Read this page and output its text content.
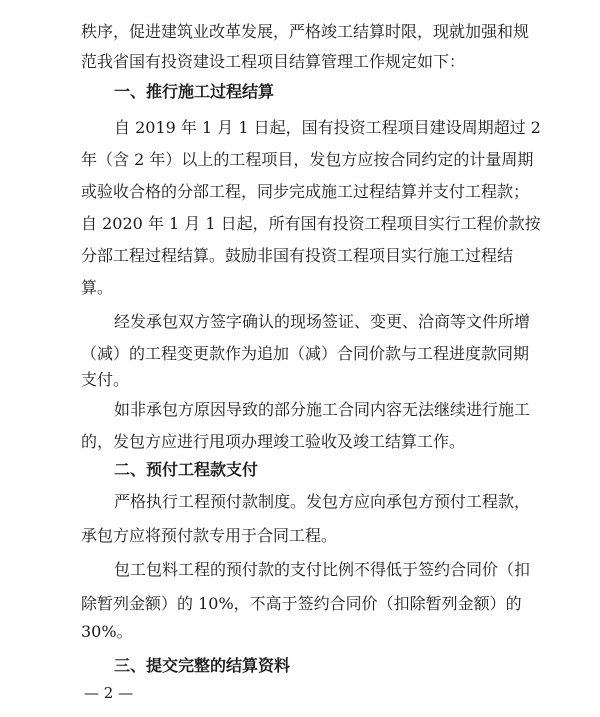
秩序，促进建筑业改革发展，严格竣工结算时限，现就加强和规
范我省国有投资建设工程项目结算管理工作规定如下：
一、推行施工过程结算
自 2019 年 1 月 1 日起，国有投资工程项目建设周期超过 2
年（含 2 年）以上的工程项目，发包方应按合同约定的计量周期
或验收合格的分部工程，同步完成施工过程结算并支付工程款；
自 2020 年 1 月 1 日起，所有国有投资工程项目实行工程价款按
分部工程过程结算。鼓励非国有投资工程项目实行施工过程结
算。
经发承包双方签字确认的现场签证、变更、洽商等文件所增
（减）的工程变更款作为追加（减）合同价款与工程进度款同期
支付。
如非承包方原因导致的部分施工合同内容无法继续进行施工
的，发包方应进行甩项办理竣工验收及竣工结算工作。
二、预付工程款支付
严格执行工程预付款制度。发包方应向承包方预付工程款，
承包方应将预付款专用于合同工程。
包工包料工程的预付款的支付比例不得低于签约合同价（扣
除暂列金额）的 10%，不高于签约合同价（扣除暂列金额）的
30%。
— 2 —
三、提交完整的结算资料
